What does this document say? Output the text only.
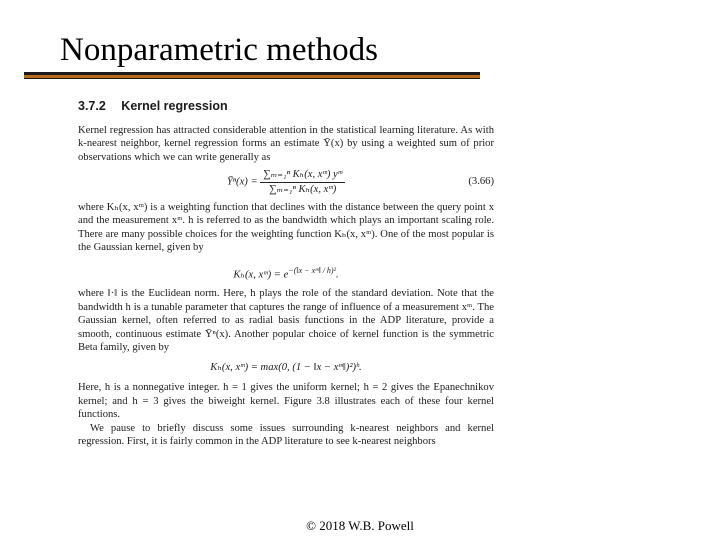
Nonparametric methods
3.7.2 Kernel regression

Kernel regression has attracted considerable attention in the statistical learning literature. As with k-nearest neighbor, kernel regression forms an estimate Ȳ(x) by using a weighted sum of prior observations which we can write generally as

Ȳⁿ(x) = $\frac{\text{∑ₘ₌₁ⁿ Kₕ(x, xᵐ) yᵐ}}{\text{∑ₘ₌₁ⁿ Kₕ(x, xᵐ)}}$	(3.66)

where Kₕ(x, xᵐ) is a weighting function that declines with the distance between the query point x and the measurement xᵐ. h is referred to as the bandwidth which plays an important scaling role. There are many possible choices for the weighting function Kₕ(x, xᵐ). One of the most popular is the Gaussian kernel, given by

Kₕ(x, xᵐ) = $e^{-(‖x - xᵐ‖ / h)^2}$.

where ‖·‖ is the Euclidean norm. Here, h plays the role of the standard deviation. Note that the bandwidth h is a tunable parameter that captures the range of influence of a measurement xᵐ. The Gaussian kernel, often referred to as radial basis functions in the ADP literature, provide a smooth, continuous estimate Ȳⁿ(x). Another popular choice of kernel function is the symmetric Beta family, given by

Kₕ(x, xᵐ) = max(0, (1 − ‖x − xᵐ‖)²)ʰ.

Here, h is a nonnegative integer. h = 1 gives the uniform kernel; h = 2 gives the Epanechnikov kernel; and h = 3 gives the biweight kernel. Figure 3.8 illustrates each of these four kernel functions.

We pause to briefly discuss some issues surrounding k-nearest neighbors and kernel regression. First, it is fairly common in the ADP literature to see k-nearest neighbors

© 2018 W.B. Powell
